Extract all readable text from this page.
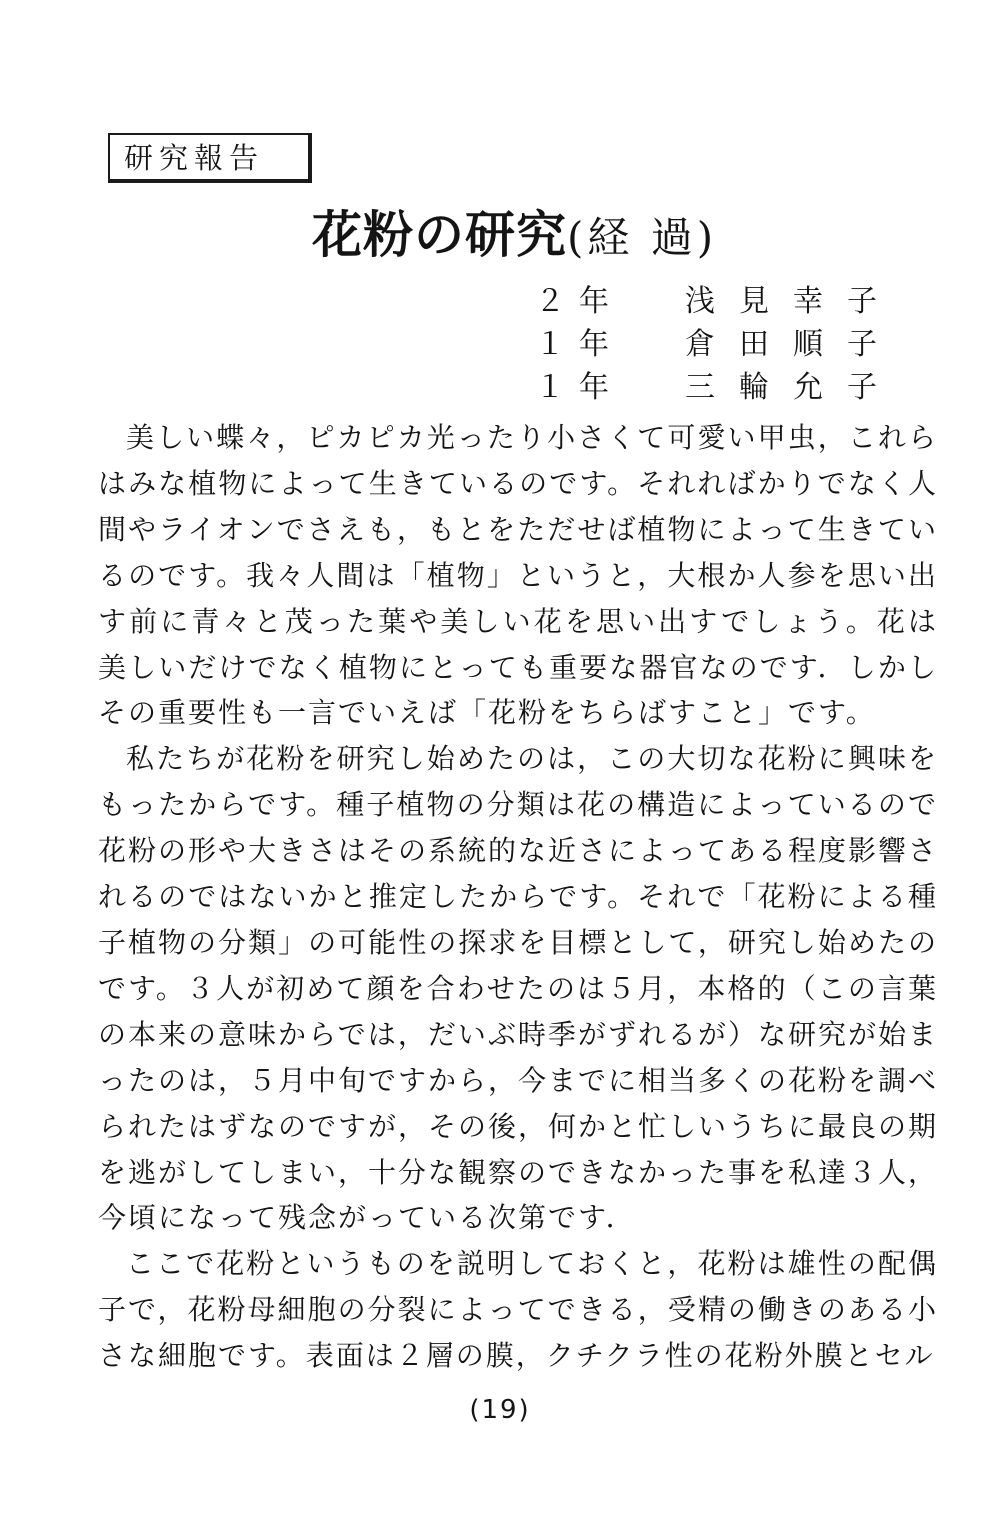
研究報告
花粉の研究(経 過)
２年	浅見幸子
１年	倉田順子
１年	三輪允子

美しい蝶々，ピカピカ光ったり小さくて可愛い甲虫，これらはみな植物によって生きているのです。それればかりでなく人間やライオンでさえも，もとをただせば植物によって生きているのです。我々人間は「植物」というと，大根か人参を思い出す前に青々と茂った葉や美しい花を思い出すでしょう。花は美しいだけでなく植物にとっても重要な器官なのです．しかしその重要性も一言でいえば「花粉をちらばすこと」です。

私たちが花粉を研究し始めたのは，この大切な花粉に興味をもったからです。種子植物の分類は花の構造によっているので花粉の形や大きさはその系統的な近さによってある程度影響されるのではないかと推定したからです。それで「花粉による種子植物の分類」の可能性の探求を目標として，研究し始めたのです。３人が初めて顔を合わせたのは５月，本格的（この言葉の本来の意味からでは，だいぶ時季がずれるが）な研究が始まったのは，５月中旬ですから，今までに相当多くの花粉を調べられたはずなのですが，その後，何かと忙しいうちに最良の期を逃がしてしまい，十分な観察のできなかった事を私達３人，今頃になって残念がっている次第です．

ここで花粉というものを説明しておくと，花粉は雄性の配偶子で，花粉母細胞の分裂によってできる，受精の働きのある小さな細胞です。表面は２層の膜，クチクラ性の花粉外膜とセル

(19)
